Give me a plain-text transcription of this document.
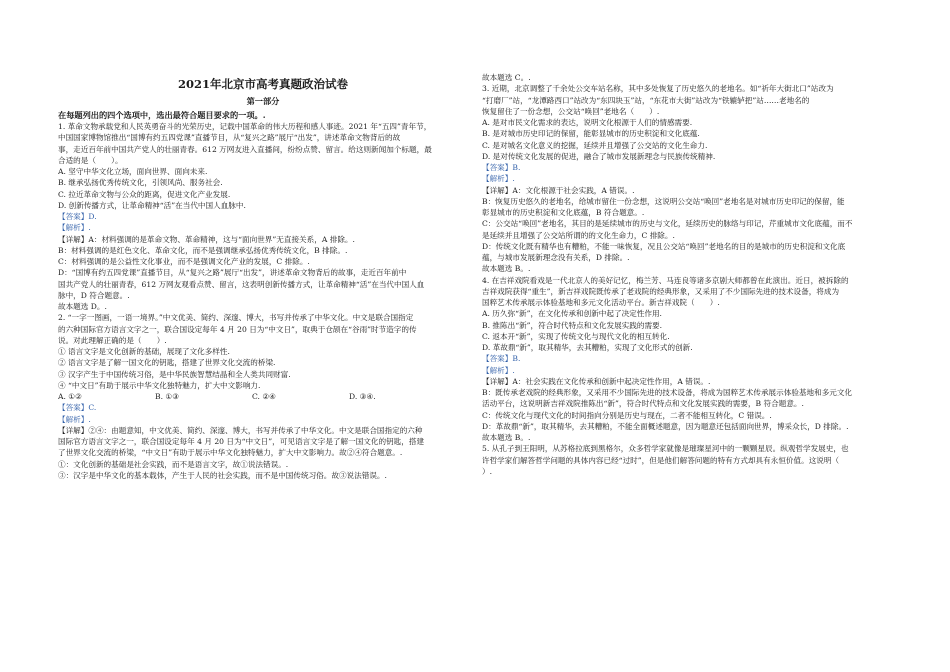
2021年北京市高考真题政治试卷
第一部分
在每题列出的四个选项中，选出最符合题目要求的一项。.
1. 革命文物承载党和人民英勇奋斗的光荣历史，记载中国革命的伟大历程和感人事迹。2021 年“五四”青年节，
中国国家博物馆推出“国博有约五四党课”直播节目，从“复兴之路”展厅“出发”，讲述革命文物背后的故
事，走近百年前中国共产党人的壮丽青春。612 万网友进入直播间，纷纷点赞、留言。给这则新闻加个标题，最
合适的是（　　）。
A. 坚守中华文化立场，面向世界、面向未来.
B. 继承弘扬优秀传统文化，引领风尚、服务社会.
C. 拉近革命文物与公众的距离，促进文化产业发展.
D. 创新传播方式，让革命精神“活”在当代中国人血脉中.
【答案】D.
【解析】.
【详解】A：材料强调的是革命文物、革命精神，这与“面向世界”无直接关系，A 排除。.
B：材料强调的是红色文化、革命文化，而不是强调继承弘扬优秀传统文化，B 排除。.
C：材料强调的是公益性文化事业，而不是强调文化产业的发展，C 排除。.
D：“国博有约五四党课”直播节目，从“复兴之路”展厅“出发”，讲述革命文物背后的故事，走近百年前中
国共产党人的壮丽青春，612 万网友观看点赞、留言，这表明创新传播方式，让革命精神“活”在当代中国人血
脉中，D 符合题意。.
故本题选 D。.
2. “一字一图画，一语一境界。”中文优美、简约、深邃、博大，书写并传承了中华文化。中文是联合国指定
的六种国际官方语言文字之一，联合国设定每年 4 月 20 日为“中文日”，取典于仓颉在“谷雨”时节造字的传
说。对此理解正确的是（　　）.
① 语言文字是文化创新的基础，展现了文化多样性.
② 语言文字是了解一国文化的钥匙，搭建了世界文化交流的桥梁.
③ 汉字产生于中国传统习俗，是中华民族智慧结晶和全人类共同财富.
④ “中文日”有助于展示中华文化独特魅力，扩大中文影响力.
A. ①②	B. ①③	C. ②④	D. ③④.
【答案】C.
【解析】.
【详解】②④：由题意知，中文优美、简约、深邃、博大，书写并传承了中华文化。中文是联合国指定的六种
国际官方语言文字之一，联合国设定每年 4 月 20 日为“中文日”，可见语言文字是了解一国文化的钥匙，搭建
了世界文化交流的桥梁，“中文日”有助于展示中华文化独特魅力，扩大中文影响力。故②④符合题意。.
①：文化创新的基础是社会实践，而不是语言文字，故①说法错误。.
③：汉字是中华文化的基本载体，产生于人民的社会实践，而不是中国传统习俗。故③说法错误。.
故本题选 C。.
3. 近期，北京调整了千余处公交车站名称，其中多处恢复了历史悠久的老地名。如“祈年大街北口”站改为
“打磨厂”站，“龙潭路西口”站改为“东四块玉”站，“东花市大街”站改为“铁辘轳把”站……老地名的
恢复留住了一份念想，公交站“唤回”老地名（　　）.
A. 是对市民文化需求的表达，说明文化根源于人们的情感需要.
B. 是对城市历史印记的保留，能彰显城市的历史积淀和文化底蕴.
C. 是对城名文化意义的挖掘，延续并且增强了公交站的文化生命力.
D. 是对传统文化发展的促进，融合了城市发展新理念与民族传统精神.
【答案】B.
【解析】.
【详解】A：文化根源于社会实践，A 错误。.
B：恢复历史悠久的老地名，给城市留住一份念想，这说明公交站“唤回”老地名是对城市历史印记的保留，能
彰显城市的历史积淀和文化底蕴，B 符合题意。.
C：公交站“唤回”老地名，其目的是延续城市的历史与文化，延续历史的脉络与印记，芹重城市文化底蕴，而不
是延续并且增强了公交站所谓的的文化生命力，C 排除。.
D：传统文化既有精华也有糟粕，不能一味恢复，况且公交站“唤回”老地名的目的是城市的历史积淀和文化底
蕴，与城市发展新理念没有关系，D 排除。.
故本题选 B。.
4. 在吉祥戏院看戏是一代北京人的美好记忆，梅兰芳、马连良等诸多京剧大师都曾在此演出。近日，被拆除的
吉祥戏院获得“重生”，新吉祥戏院既传承了老戏院的经典形象，又采用了不少国际先进的技术设备，将成为
国粹艺术传承展示体验基地和多元文化活动平台。新吉祥戏院（　　）.
A. 历久弥“新”，在文化传承和创新中起了决定性作用.
B. 推陈出“新”，符合时代特点和文化发展实践的需要.
C. 返本开“新”，实现了传统文化与现代文化的相互转化.
D. 革故鼎“新”，取其精华，去其糟粕，实现了文化形式的创新.
【答案】B.
【解析】.
【详解】A：社会实践在文化传承和创新中起决定性作用，A 错误。.
B：既传承老戏院的经典形象，又采用不少国际先进的技术设备，将成为国粹艺术传承展示体验基地和多元文化
活动平台，这说明新吉祥戏院推陈出“新”，符合时代特点和文化发展实践的需要，B 符合题意。.
C：传统文化与现代文化的时间指向分别是历史与现在，二者不能相互转化，C 错误。.
D：革故鼎“新”，取其精华，去其糟粕，不能全面概述题意，因为题意还包括面向世界，博采众长，D 排除。.
故本题选 B。.
5. 从孔子到王阳明，从苏格拉底到黑格尔，众多哲学家就像是璀璨星河中的一颗颗星辰。纵观哲学发展史，也
许哲学家们解答哲学问题的具体内容已经“过时”，但是他们解答问题的特有方式却具有永恒价值。这说明（
）.
